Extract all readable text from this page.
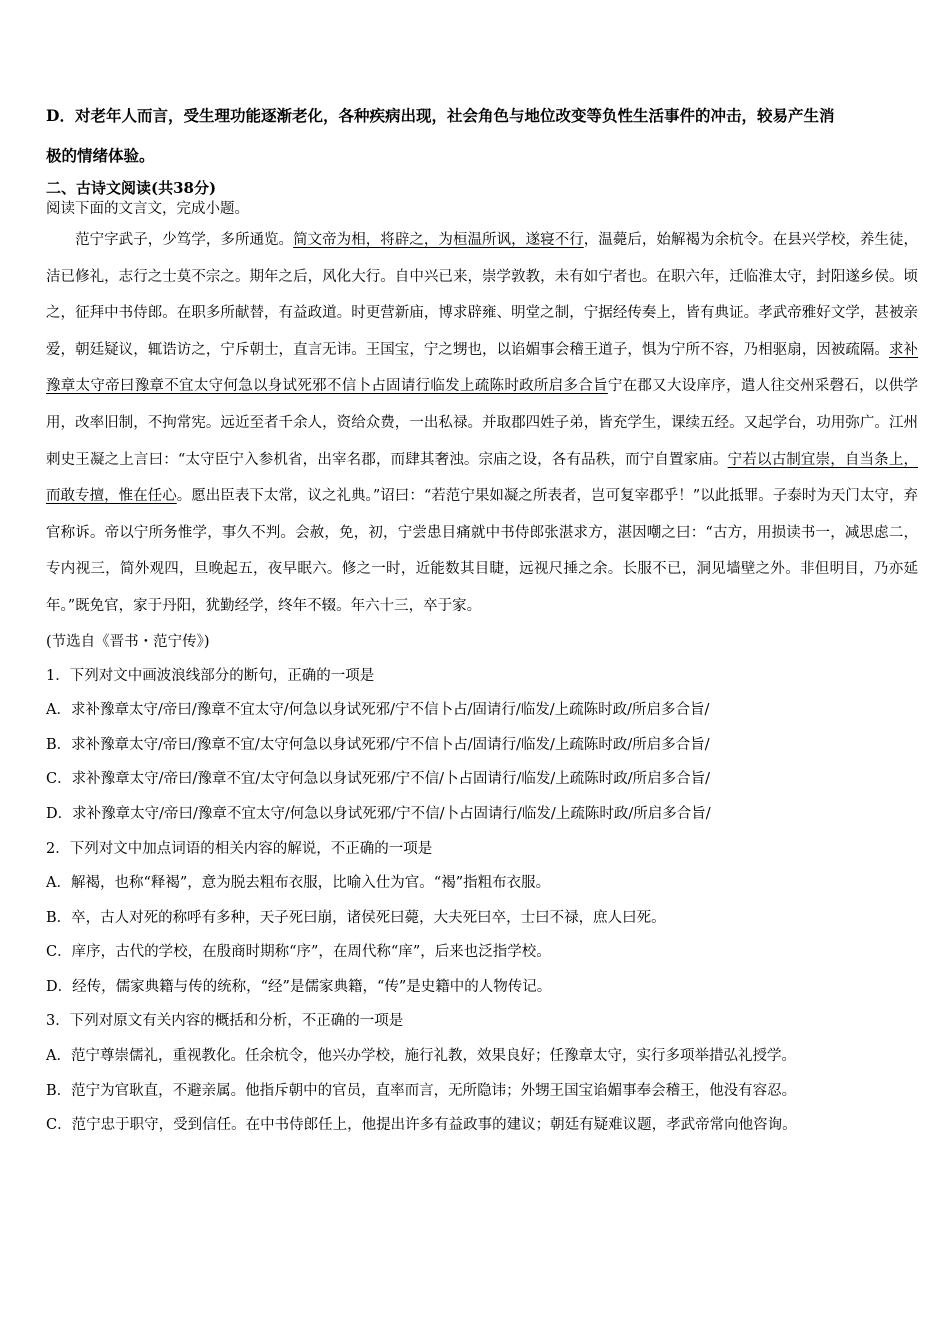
D．对老年人而言，受生理功能逐渐老化，各种疾病出现，社会角色与地位改变等负性生活事件的冲击，较易产生消
极的情绪体验。
二、古诗文阅读(共38分)
阅读下面的文言文，完成小题。
　　范宁字武子，少笃学，多所通览。简文帝为相，将辟之，为桓温所讽，遂寝不行，温薨后，始解褐为余杭令。在县兴学校，养生徒，洁已修礼，志行之士莫不宗之。期年之后，风化大行。自中兴已来，崇学敦教，未有如宁者也。在职六年，迁临淮太守，封阳遂乡侯。顷之，征拜中书侍郎。在职多所献替，有益政道。时更营新庙，博求辟雍、明堂之制，宁据经传奏上，皆有典证。孝武帝雅好文学，甚被亲爱，朝廷疑议，辄诰访之，宁斥朝士，直言无讳。王国宝，宁之甥也，以谄媚事会稽王道子，惧为宁所不容，乃相驱扇，因被疏隔。求补豫章太守帝曰豫章不宜太守何急以身试死邪不信卜占固请行临发上疏陈时政所启多合旨宁在郡又大设庠序，遣人往交州采磬石，以供学用，改率旧制，不拘常宪。远近至者千余人，资给众费，一出私禄。并取郡四姓子弟，皆充学生，课续五经。又起学台，功用弥广。江州刺史王凝之上言曰：“太守臣宁入参机省，出宰名郡，而肆其奢浊。宗庙之设，各有品秩，而宁自置家庙。宁若以古制宜崇，自当条上，而敢专擅，惟在任心。愿出臣表下太常，议之礼典。”诏曰：“若范宁果如凝之所表者，岂可复宰郡乎！”以此抵罪。子泰时为天门太守，弃官称诉。帝以宁所务惟学，事久不判。会赦，免，初，宁尝患目痛就中书侍郎张湛求方，湛因嘲之曰：“古方，用损读书一，减思虑二，专内视三，简外观四，旦晚起五，夜早眠六。修之一时，近能数其目睫，远视尺捶之余。长服不已，洞见墙壁之外。非但明目，乃亦延年。”既免官，家于丹阳，犹勤经学，终年不辍。年六十三，卒于家。
(节选自《晋书・范宁传》)
1．下列对文中画波浪线部分的断句，正确的一项是
A．求补豫章太守/帝曰/豫章不宜太守/何急以身试死邪/宁不信卜占/固请行/临发/上疏陈时政/所启多合旨/
B．求补豫章太守/帝曰/豫章不宜/太守何急以身试死邪/宁不信卜占/固请行/临发/上疏陈时政/所启多合旨/
C．求补豫章太守/帝曰/豫章不宜/太守何急以身试死邪/宁不信/卜占固请行/临发/上疏陈时政/所启多合旨/
D．求补豫章太守/帝曰/豫章不宜太守/何急以身试死邪/宁不信/卜占固请行/临发/上疏陈时政/所启多合旨/
2．下列对文中加点词语的相关内容的解说，不正确的一项是
A．解褐，也称“释褐”，意为脱去粗布衣服，比喻入仕为官。“褐”指粗布衣服。
B．卒，古人对死的称呼有多种，天子死曰崩，诸侯死曰薨，大夫死曰卒，士曰不禄，庶人曰死。
C．庠序，古代的学校，在殷商时期称“序”，在周代称“庠”，后来也泛指学校。
D．经传，儒家典籍与传的统称，“经”是儒家典籍，“传”是史籍中的人物传记。
3．下列对原文有关内容的概括和分析，不正确的一项是
A．范宁尊崇儒礼，重视教化。任余杭令，他兴办学校，施行礼教，效果良好；任豫章太守，实行多项举措弘礼授学。
B．范宁为官耿直，不避亲属。他指斥朝中的官员，直率而言，无所隐讳；外甥王国宝谄媚事奉会稽王，他没有容忍。
C．范宁忠于职守，受到信任。在中书侍郎任上，他提出许多有益政事的建议；朝廷有疑难议题，孝武帝常向他咨询。
